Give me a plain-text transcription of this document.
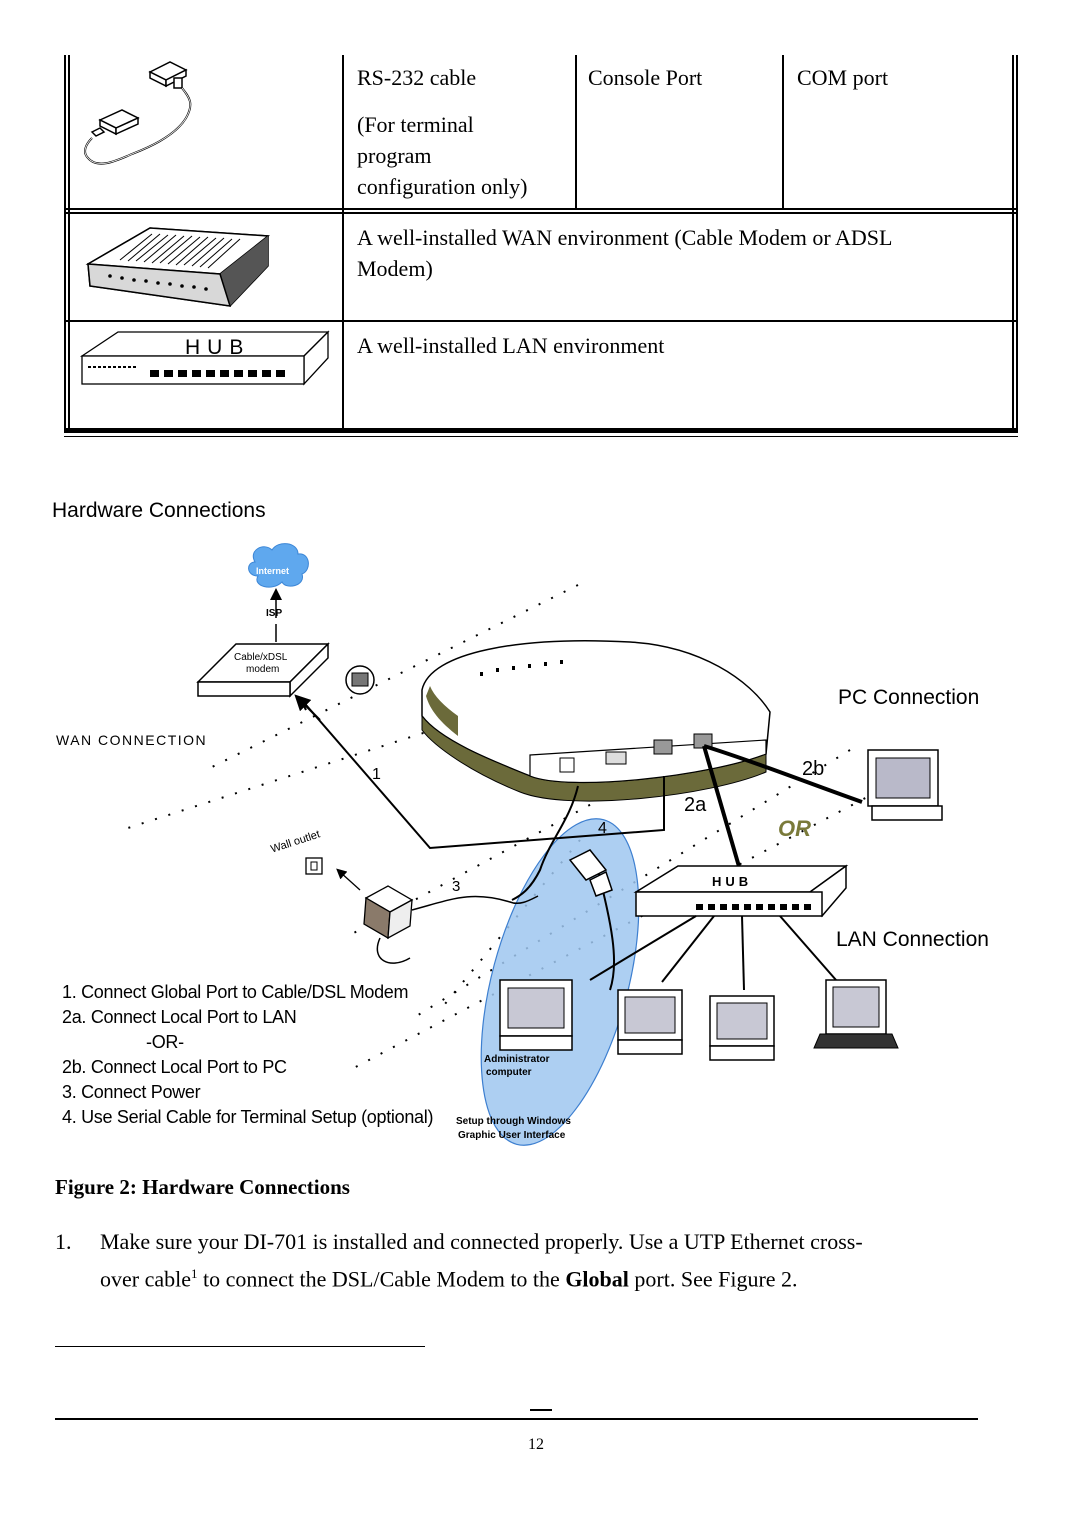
RS-232 cable
(For terminal
program
configuration only)
Console Port	COM port
A well-installed WAN environment (Cable Modem or ADSL
Modem)
HUB	A well-installed LAN environment
Hardware Connections
Internet
ISP
Cable/xDSL
modem
WAN CONNECTION
PC Connection
LAN Connection
HUB
OR
Wall outlet
Administrator
computer
Setup through Windows
Graphic User Interface
1
2a
2b
3
4
1. Connect Global Port to Cable/DSL Modem
2a. Connect Local Port to LAN
-OR-
2b. Connect Local Port to PC
3. Connect Power
4. Use Serial Cable for Terminal Setup (optional)
Figure 2: Hardware Connections
1. Make sure your DI-701 is installed and connected properly. Use a UTP Ethernet cross-
over cable$^1$ to connect the DSL/Cable Modem to the Global port. See Figure 2.
12
